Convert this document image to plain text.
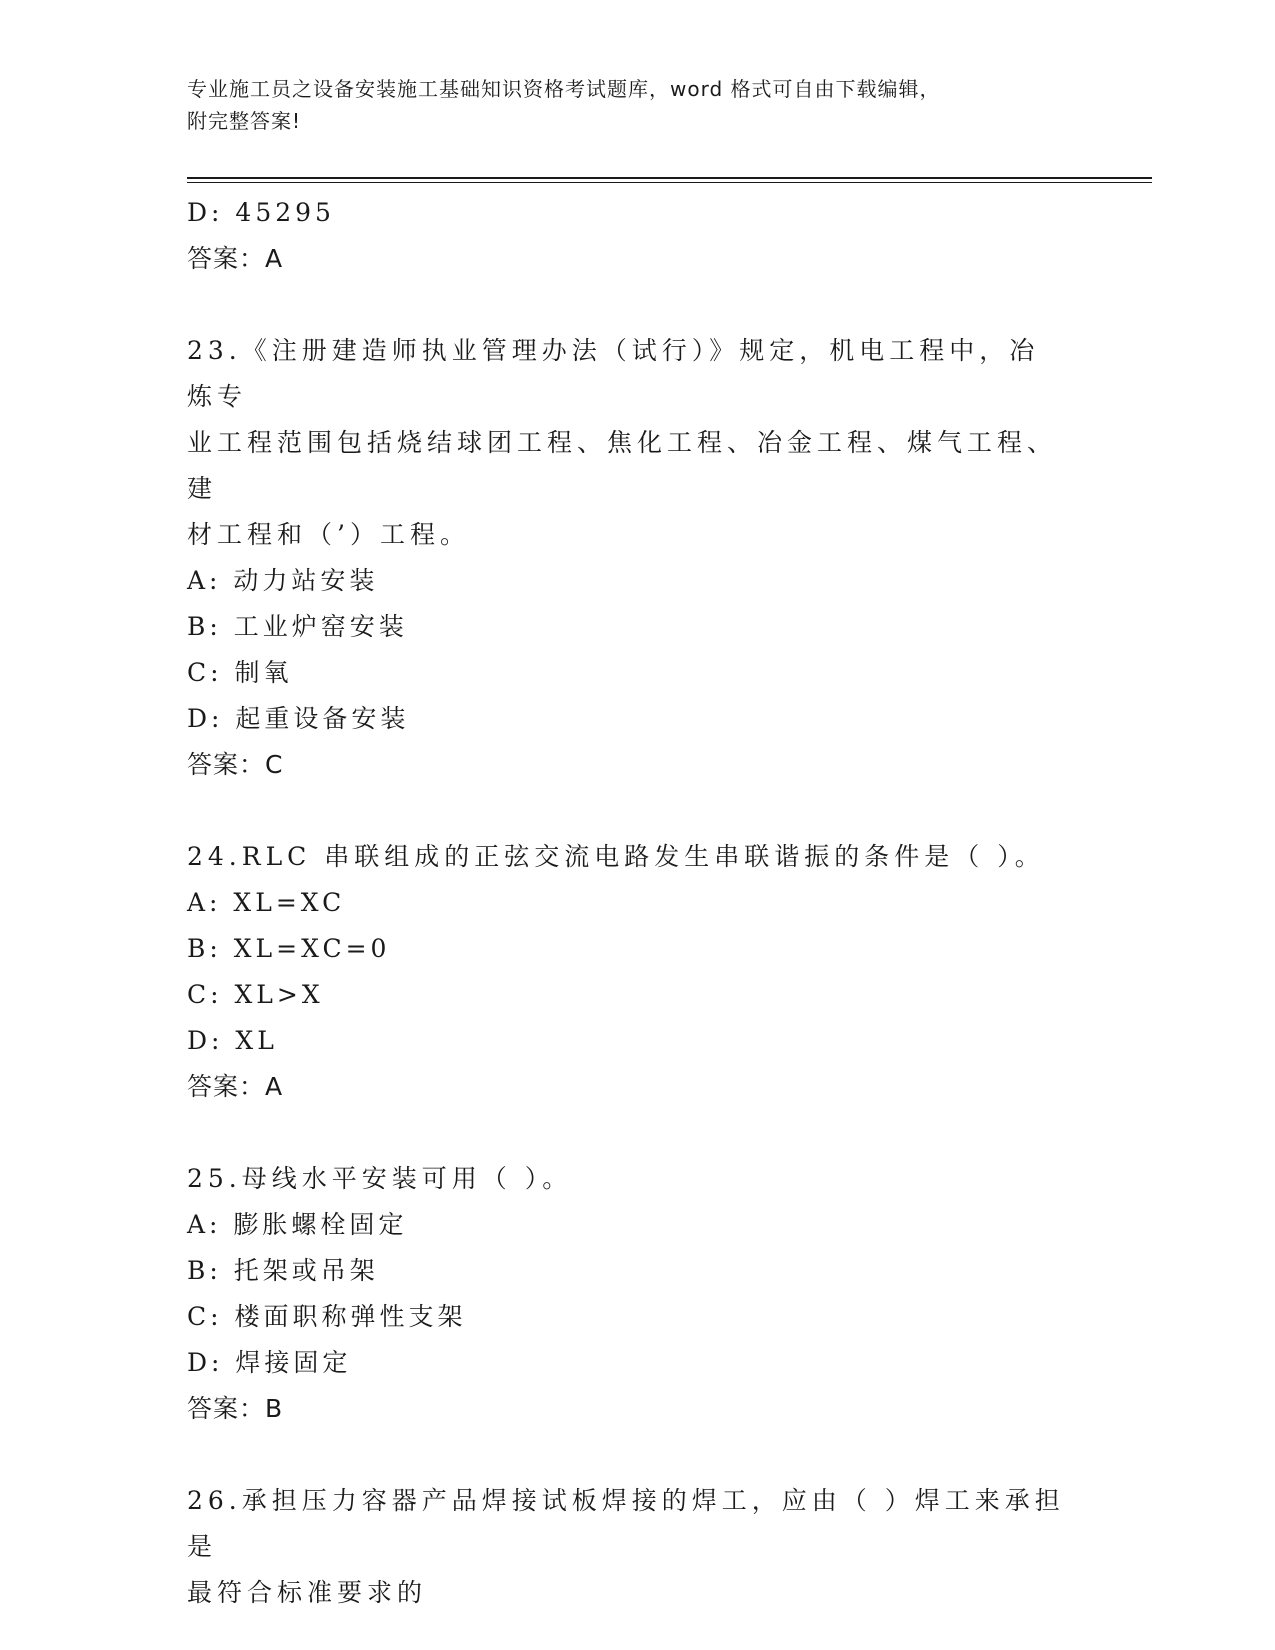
专业施工员之设备安装施工基础知识资格考试题库，word 格式可自由下载编辑，
附完整答案!
D: 45295
答案：A
23.《注册建造师执业管理办法（试行）》规定，机电工程中，冶炼专
业工程范围包括烧结球团工程、焦化工程、冶金工程、煤气工程、建
材工程和（’）工程。
A: 动力站安装
B: 工业炉窑安装
C: 制氧
D: 起重设备安装
答案：C
24.RLC 串联组成的正弦交流电路发生串联谐振的条件是（ ）。
A: XL=XC
B: XL=XC=0
C: XL>X
D: XL
答案：A
25.母线水平安装可用（ ）。
A: 膨胀螺栓固定
B: 托架或吊架
C: 楼面职称弹性支架
D: 焊接固定
答案：B
26.承担压力容器产品焊接试板焊接的焊工，应由（ ）焊工来承担是
最符合标准要求的
